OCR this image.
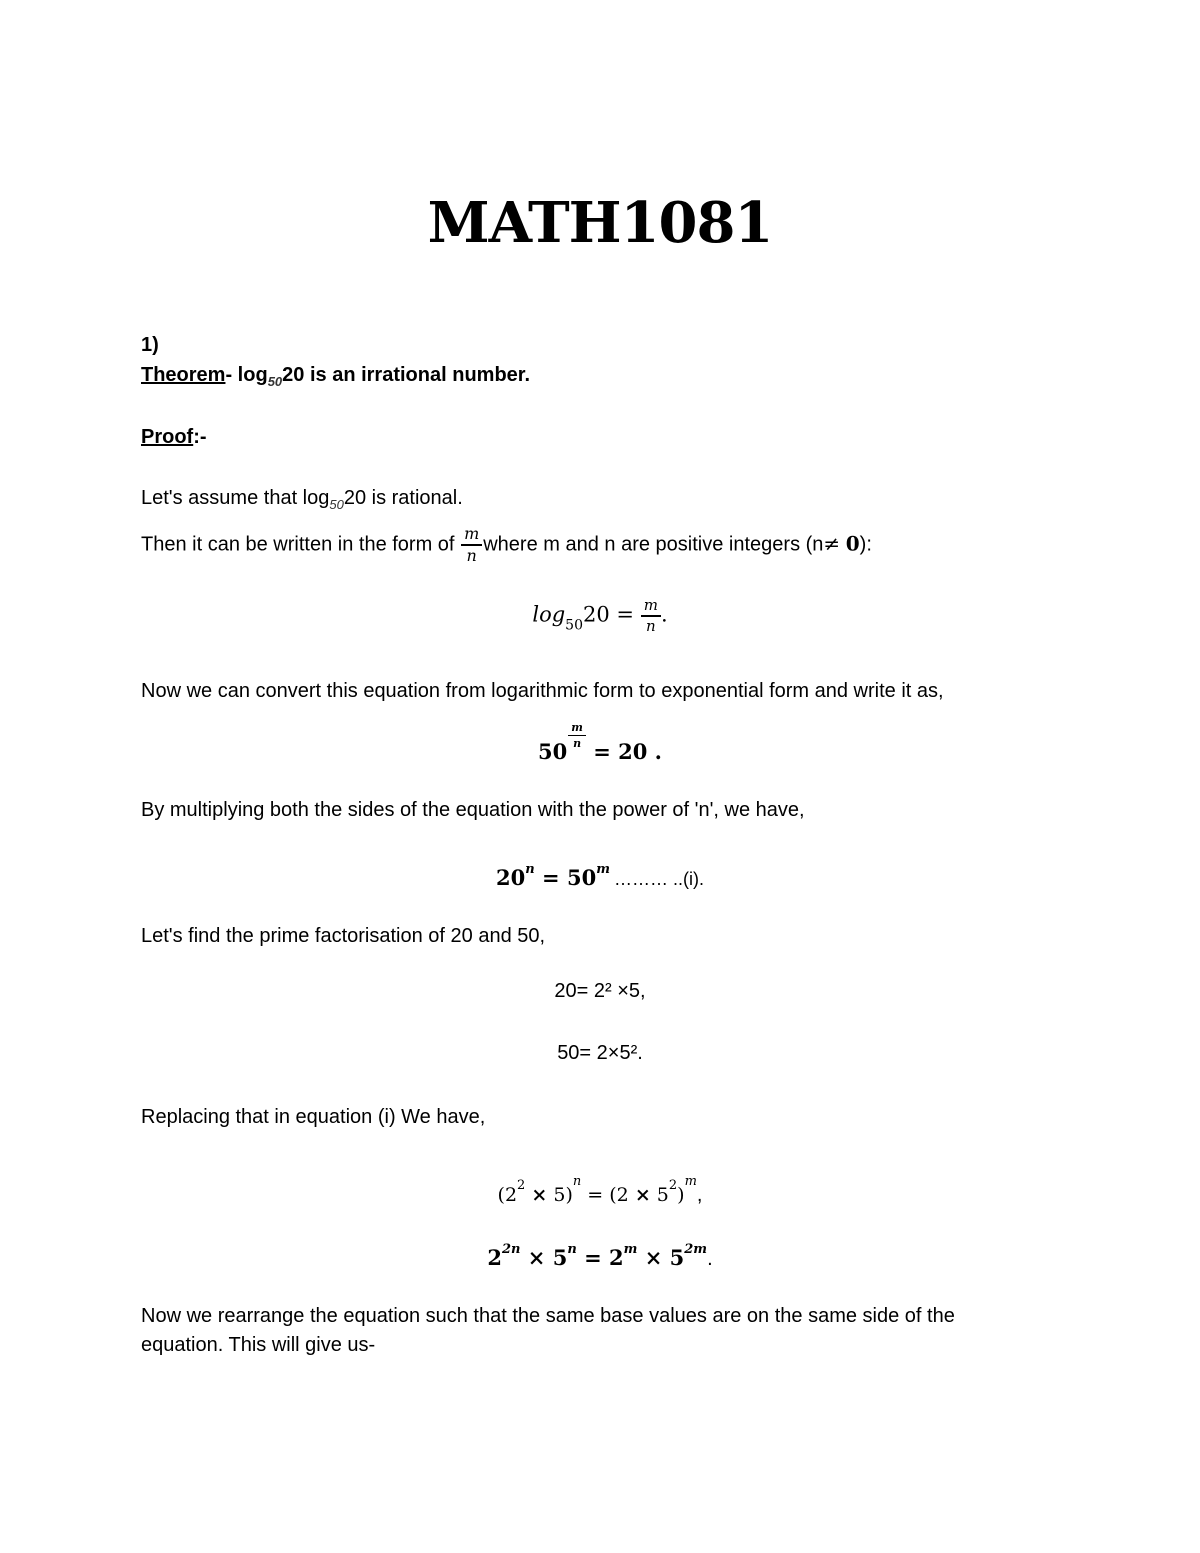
MATH1081
1)
Theorem- $\log_{50}20$ is an irrational number.
Proof:-
Let's assume that $\log_{50}20$ is rational.
Then it can be written in the form of $\frac{m}{n}$ where m and n are positive integers (n≠ 0):
$\log_{50}20 = \frac{m}{n}$ .
Now we can convert this equation from logarithmic form to exponential form and write it as,
50
$\frac{m}{n}$
= 20 .
By multiplying both the sides of the equation with the power of 'n', we have,
$20^n = 50^m$ ……… ..(i).
Let's find the prime factorisation of 20 and 50,
20= 2² ×5,
50= 2×5².
Replacing that in equation (i) We have,
$(2^2 \times 5)^n = (2 \times 5^2)^m$,
$2^{2n} \times 5^n = 2^m \times 5^{2m}$.
Now we rearrange the equation such that the same base values are on the same side of the
equation. This will give us-
